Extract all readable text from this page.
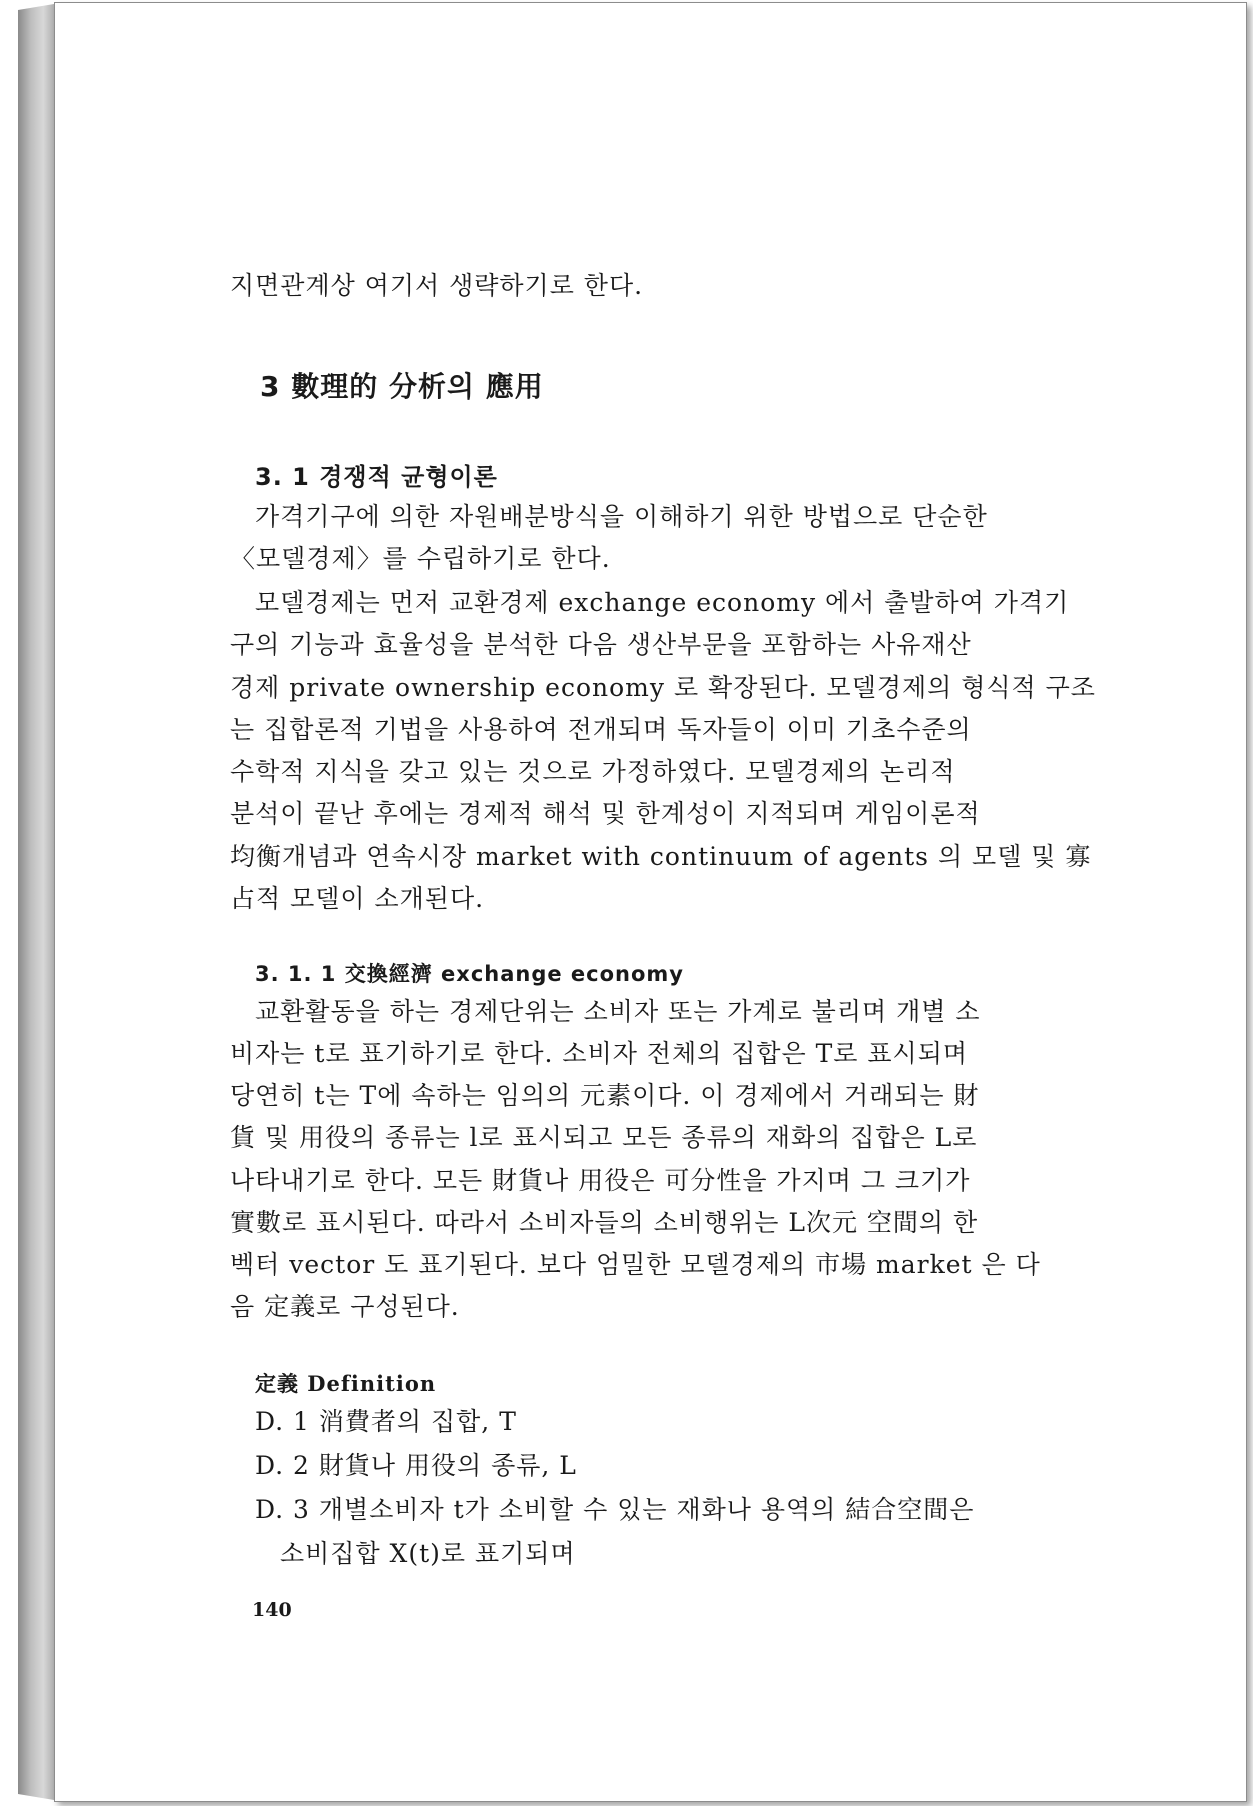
지면관계상 여기서 생략하기로 한다.
3 數理的 分析의 應用
3. 1 경쟁적 균형이론
가격기구에 의한 자원배분방식을 이해하기 위한 방법으로 단순한
〈모델경제〉를 수립하기로 한다.
모델경제는 먼저 교환경제 exchange economy 에서 출발하여 가격기
구의 기능과 효율성을 분석한 다음 생산부문을 포함하는 사유재산
경제 private ownership economy 로 확장된다. 모델경제의 형식적 구조
는 집합론적 기법을 사용하여 전개되며 독자들이 이미 기초수준의
수학적 지식을 갖고 있는 것으로 가정하였다. 모델경제의 논리적
분석이 끝난 후에는 경제적 해석 및 한계성이 지적되며 게임이론적
均衡개념과 연속시장 market with continuum of agents 의 모델 및 寡
占적 모델이 소개된다.
3. 1. 1 交換經濟 exchange economy
교환활동을 하는 경제단위는 소비자 또는 가계로 불리며 개별 소
비자는 t로 표기하기로 한다. 소비자 전체의 집합은 T로 표시되며
당연히 t는 T에 속하는 임의의 元素이다. 이 경제에서 거래되는 財
貨 및 用役의 종류는 l로 표시되고 모든 종류의 재화의 집합은 L로
나타내기로 한다. 모든 財貨나 用役은 可分性을 가지며 그 크기가
實數로 표시된다. 따라서 소비자들의 소비행위는 L次元 空間의 한
벡터 vector 도 표기된다. 보다 엄밀한 모델경제의 市場 market 은 다
음 定義로 구성된다.
定義 Definition
D. 1 消費者의 집합, T
D. 2 財貨나 用役의 종류, L
D. 3 개별소비자 t가 소비할 수 있는 재화나 용역의 結合空間은
소비집합 X(t)로 표기되며
140
